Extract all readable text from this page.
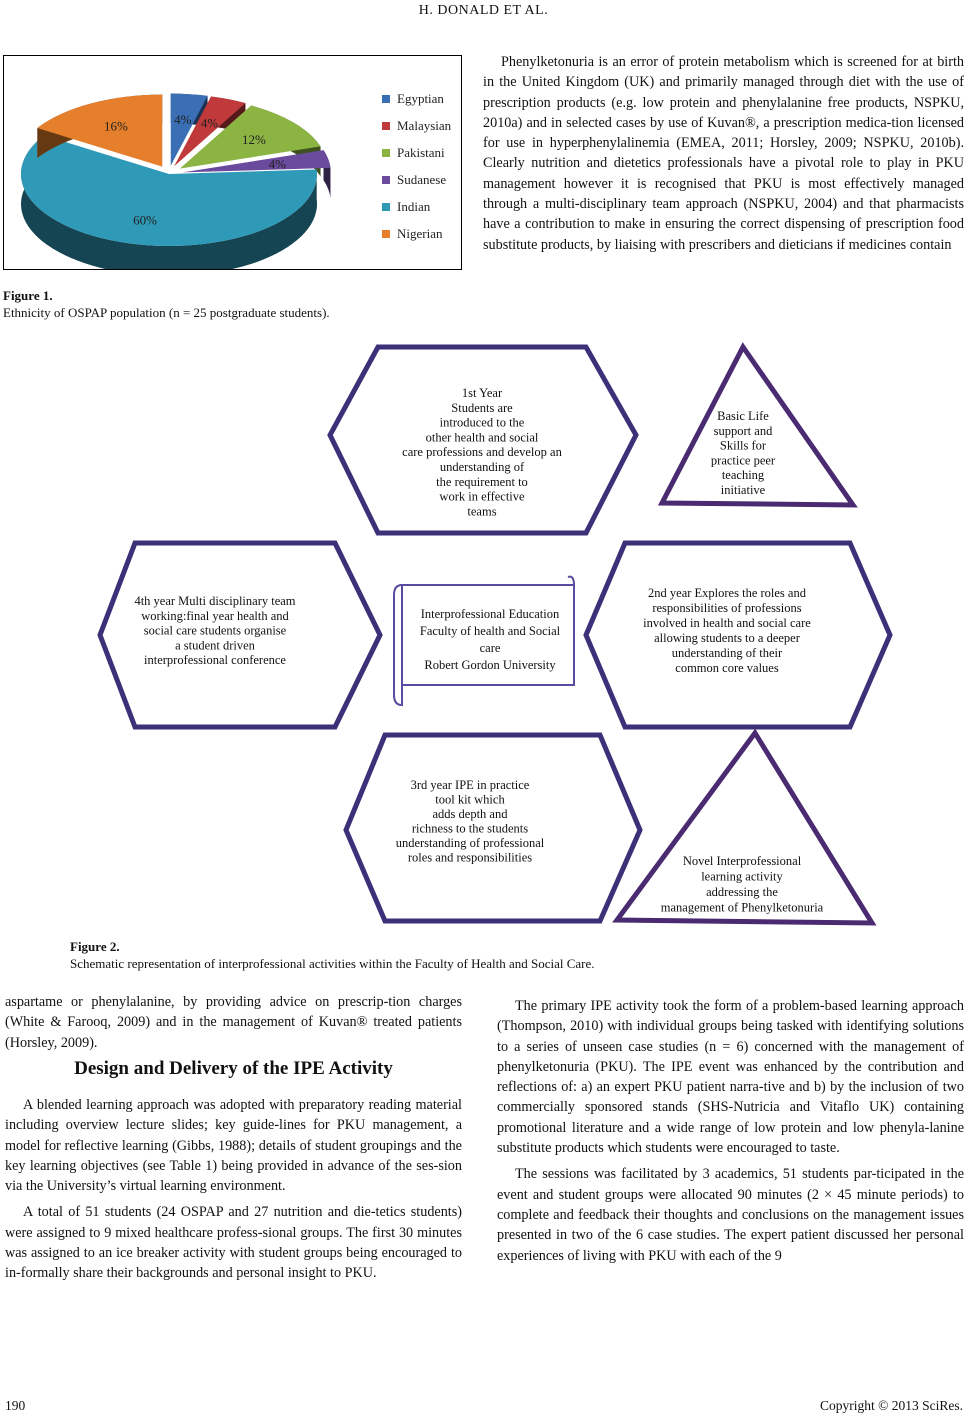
H. DONALD ET AL.
4% 4%
12%
4%
60%
16%
Egyptian
Malaysian
Pakistani
Sudanese
Indian
Nigerian
Figure 1.
Ethnicity of OSPAP population (n = 25 postgraduate students).

Phenylketonuria is an error of protein metabolism which is screened for at birth in the United Kingdom (UK) and primarily managed through diet with the use of prescription products (e.g. low protein and phenylalanine free products, NSPKU, 2010a) and in selected cases by use of Kuvan®, a prescription medica-tion licensed for use in hyperphenylalinemia (EMEA, 2011; Horsley, 2009; NSPKU, 2010b). Clearly nutrition and dietetics professionals have a pivotal role to play in PKU management however it is recognised that PKU is most effectively managed through a multi-disciplinary team approach (NSPKU, 2004) and that pharmacists have a contribution to make in ensuring the correct dispensing of prescription food substitute products, by liaising with prescribers and dieticians if medicines contain

1st Year
Students are
introduced to the
other health and social
care professions and develop an
understanding of
the requirement to
work in effective
teams
Basic Life
support and
Skills for
practice peer
teaching
initiative
4th year Multi disciplinary team
working:final year health and
social care students organise
a student driven
interprofessional conference
2nd year Explores the roles and
responsibilities of professions
involved in health and social care
allowing students to a deeper
understanding of their
common core values
Interprofessional Education
Faculty of health and Social
care
Robert Gordon University
3rd year IPE in practice
tool kit which
adds depth and
richness to the students
understanding of professional
roles and responsibilities	Novel Interprofessional
learning activity
addressing the
management of Phenylketonuria
Figure 2.
Schematic representation of interprofessional activities within the Faculty of Health and Social Care.

aspartame or phenylalanine, by providing advice on prescrip-tion charges (White & Farooq, 2009) and in the management of Kuvan® treated patients (Horsley, 2009).

Design and Delivery of the IPE Activity

A blended learning approach was adopted with preparatory reading material including overview lecture slides; key guide-lines for PKU management, a model for reflective learning (Gibbs, 1988); details of student groupings and the key learning objectives (see Table 1) being provided in advance of the ses-sion via the University’s virtual learning environment.

A total of 51 students (24 OSPAP and 27 nutrition and die-tetics students) were assigned to 9 mixed healthcare profess-sional groups. The first 30 minutes was assigned to an ice breaker activity with student groups being encouraged to in-formally share their backgrounds and personal insight to PKU.

The primary IPE activity took the form of a problem-based learning approach (Thompson, 2010) with individual groups being tasked with identifying solutions to a series of unseen case studies (n = 6) concerned with the management of phenylketonuria (PKU). The IPE event was enhanced by the contribution and reflections of: a) an expert PKU patient narra-tive and b) by the inclusion of two commercially sponsored stands (SHS-Nutricia and Vitaflo UK) containing promotional literature and a wide range of low protein and low phenyla-lanine substitute products which students were encouraged to taste.

The sessions was facilitated by 3 academics, 51 students par-ticipated in the event and student groups were allocated 90 minutes (2 × 45 minute periods) to complete and feedback their thoughts and conclusions on the management issues presented in two of the 6 case studies. The expert patient discussed her personal experiences of living with PKU with each of the 9

190	Copyright © 2013 SciRes.
